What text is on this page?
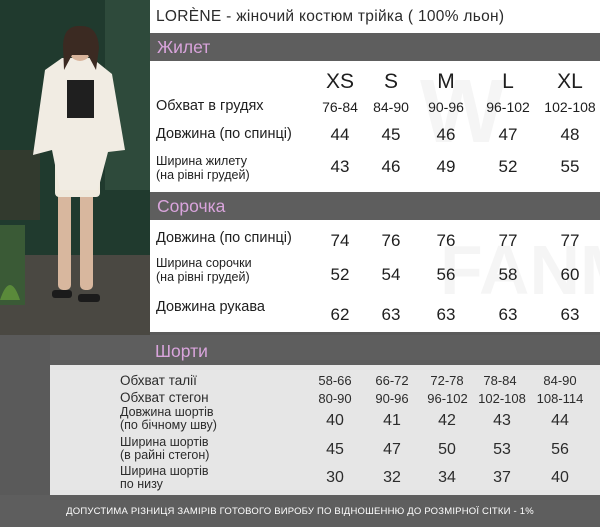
LORÈNE - жіночий костюм трійка ( 100% льон)
Жилет
XS	S	M	L	XL
Обхват в грудях	76-84	84-90	90-96	96-102	102-108
Довжина (по спинці)	44	45	46	47	48
Ширина жилету
(на рівні грудей)	43	46	49	52	55
Сорочка
Довжина (по спинці)	74	76	76	77	77
Ширина сорочки
(на рівні грудей)	52	54	56	58	60
Довжина рукава	62	63	63	63	63
Шорти
Обхват талії	58-66	66-72	72-78	78-84	84-90
Обхват стегон	80-90	90-96	96-102 102-108 108-114
Довжина шортів
(по бічному шву)	40	41	42	43	44
Ширина шортів
(в райні стегон)	45	47	50	53	56
Ширина шортів
по низу	30	32	34	37	40
ДОПУСТИМА РІЗНИЦЯ ЗАМІРІВ ГОТОВОГО ВИРОБУ ПО ВІДНОШЕННЮ ДО РОЗМІРНОЇ СІТКИ - 1%
